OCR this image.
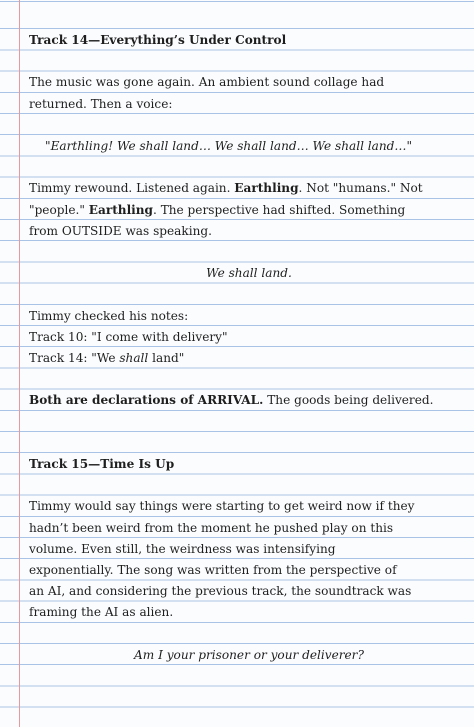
Track 14—Everything’s Under Control

The music was gone again. An ambient sound collage had

returned. Then a voice:

"Earthling! We shall land… We shall land… We shall land…"

Timmy rewound. Listened again. Earthling. Not "humans." Not

"people." Earthling. The perspective had shifted. Something

from OUTSIDE was speaking.

We shall land.

Timmy checked his notes:

Track 10: "I come with delivery"

Track 14: "We shall land"

Both are declarations of ARRIVAL. The goods being delivered.

Track 15—Time Is Up

Timmy would say things were starting to get weird now if they

hadn’t been weird from the moment he pushed play on this

volume. Even still, the weirdness was intensifying

exponentially. The song was written from the perspective of

an AI, and considering the previous track, the soundtrack was

framing the AI as alien.

Am I your prisoner or your deliverer?
